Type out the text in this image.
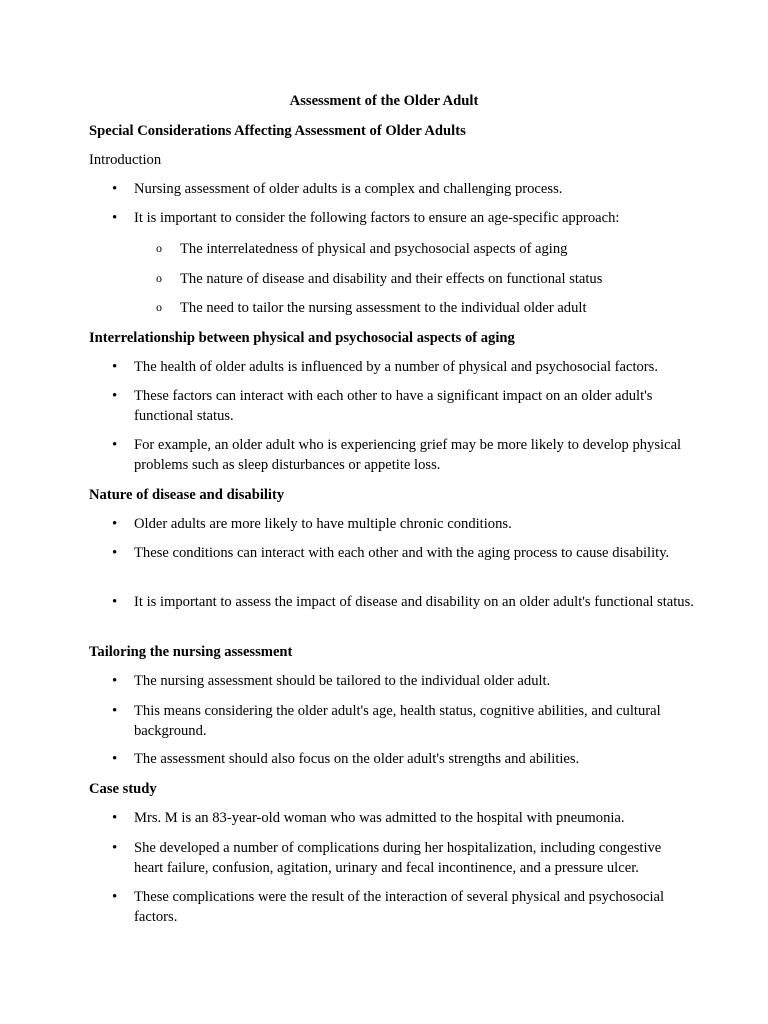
Assessment of the Older Adult
Special Considerations Affecting Assessment of Older Adults
Introduction
• Nursing assessment of older adults is a complex and challenging process.
• It is important to consider the following factors to ensure an age-specific approach:
o The interrelatedness of physical and psychosocial aspects of aging
o The nature of disease and disability and their effects on functional status
o The need to tailor the nursing assessment to the individual older adult
Interrelationship between physical and psychosocial aspects of aging
• The health of older adults is influenced by a number of physical and psychosocial factors.
• These factors can interact with each other to have a significant impact on an older adult's functional status.
• For example, an older adult who is experiencing grief may be more likely to develop physical problems such as sleep disturbances or appetite loss.
Nature of disease and disability
• Older adults are more likely to have multiple chronic conditions.
• These conditions can interact with each other and with the aging process to cause disability.
• It is important to assess the impact of disease and disability on an older adult's functional status.
Tailoring the nursing assessment
• The nursing assessment should be tailored to the individual older adult.
• This means considering the older adult's age, health status, cognitive abilities, and cultural background.
• The assessment should also focus on the older adult's strengths and abilities.
Case study
• Mrs. M is an 83-year-old woman who was admitted to the hospital with pneumonia.
• She developed a number of complications during her hospitalization, including congestive heart failure, confusion, agitation, urinary and fecal incontinence, and a pressure ulcer.
• These complications were the result of the interaction of several physical and psychosocial factors.
